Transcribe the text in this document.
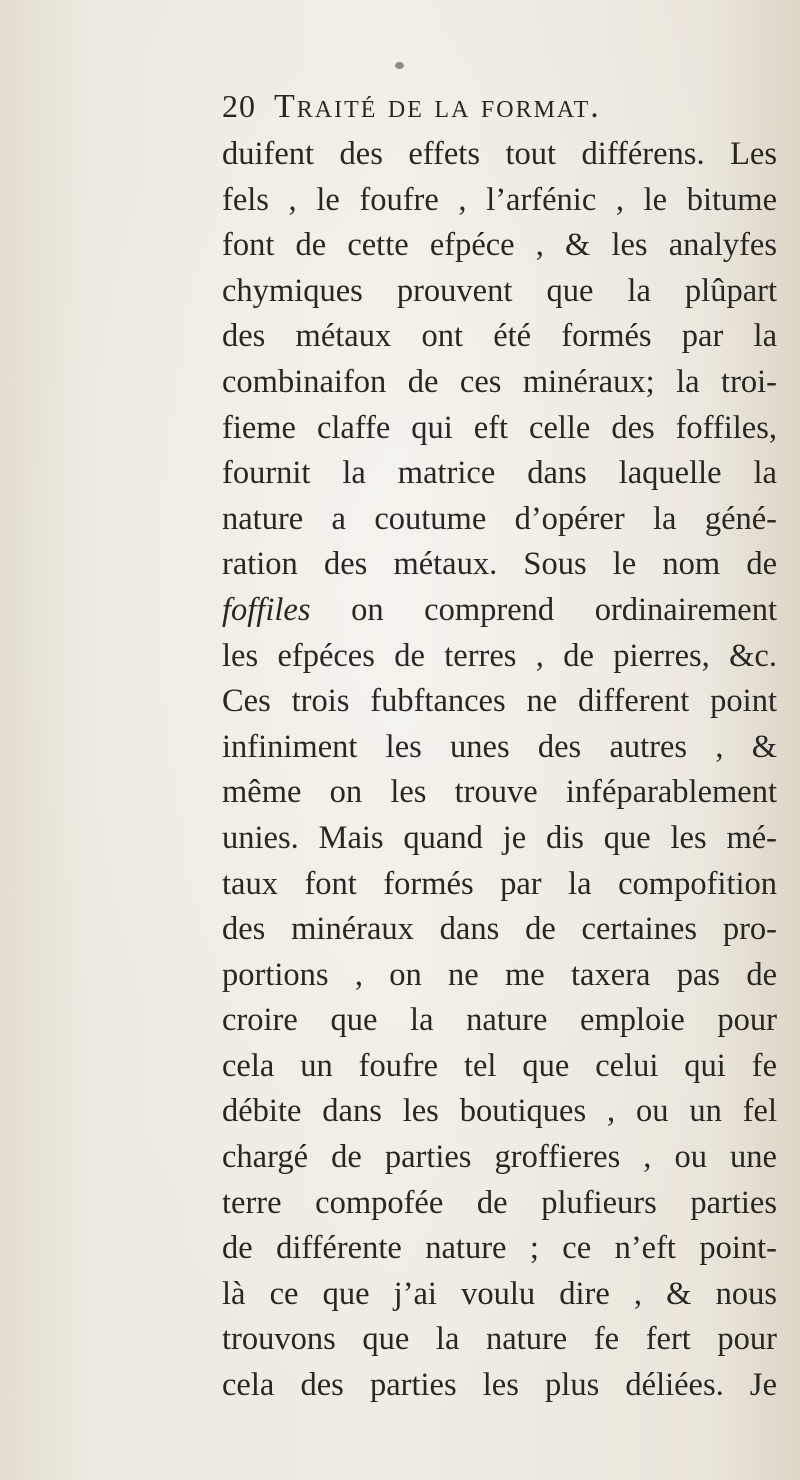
20 Traité de la format.
duifent des effets tout différens. Les
fels , le foufre , l’arfénic , le bitume
font de cette efpéce , & les analyfes
chymiques prouvent que la plûpart
des métaux ont été formés par la
combinaifon de ces minéraux; la troi-
fieme claffe qui eft celle des foffiles,
fournit la matrice dans laquelle la
nature a coutume d’opérer la géné-
ration des métaux. Sous le nom de
foffiles on comprend ordinairement
les efpéces de terres , de pierres, &c.
Ces trois fubftances ne different point
infiniment les unes des autres , &
même on les trouve inféparablement
unies. Mais quand je dis que les mé-
taux font formés par la compofition
des minéraux dans de certaines pro-
portions , on ne me taxera pas de
croire que la nature emploie pour
cela un foufre tel que celui qui fe
débite dans les boutiques , ou un fel
chargé de parties groffieres , ou une
terre compofée de plufieurs parties
de différente nature ; ce n’eft point-
là ce que j’ai voulu dire , & nous
trouvons que la nature fe fert pour
cela des parties les plus déliées. Je
